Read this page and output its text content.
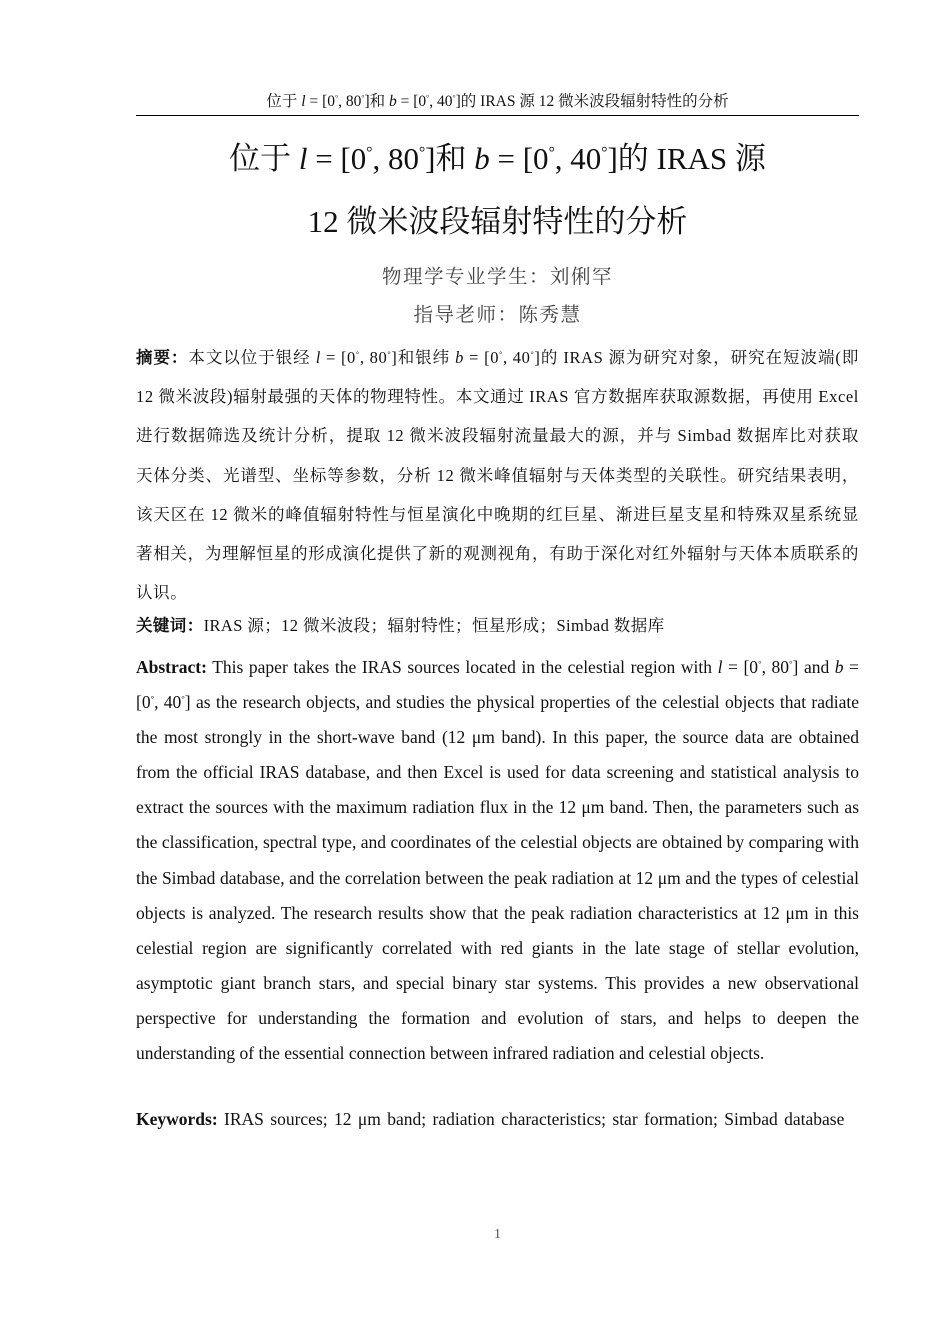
位于 l = [0°, 80°]和 b = [0°, 40°]的 IRAS 源 12 微米波段辐射特性的分析
位于 l = [0°, 80°]和 b = [0°, 40°]的 IRAS 源
12 微米波段辐射特性的分析
物理学专业学生：刘俐罕
指导老师：陈秀慧

摘要：本文以位于银经 l = [0°, 80°]和银纬 b = [0°, 40°]的 IRAS 源为研究对象，研究在短波端(即 12 微米波段)辐射最强的天体的物理特性。本文通过 IRAS 官方数据库获取源数据，再使用 Excel 进行数据筛选及统计分析，提取 12 微米波段辐射流量最大的源，并与 Simbad 数据库比对获取天体分类、光谱型、坐标等参数，分析 12 微米峰值辐射与天体类型的关联性。研究结果表明，该天区在 12 微米的峰值辐射特性与恒星演化中晚期的红巨星、渐进巨星支星和特殊双星系统显著相关，为理解恒星的形成演化提供了新的观测视角，有助于深化对红外辐射与天体本质联系的认识。

关键词：IRAS 源；12 微米波段；辐射特性；恒星形成；Simbad 数据库

Abstract: This paper takes the IRAS sources located in the celestial region with l = [0°, 80°] and b = [0°, 40°] as the research objects, and studies the physical properties of the celestial objects that radiate the most strongly in the short-wave band (12 μm band). In this paper, the source data are obtained from the official IRAS database, and then Excel is used for data screening and statistical analysis to extract the sources with the maximum radiation flux in the 12 μm band. Then, the parameters such as the classification, spectral type, and coordinates of the celestial objects are obtained by comparing with the Simbad database, and the correlation between the peak radiation at 12 μm and the types of celestial objects is analyzed. The research results show that the peak radiation characteristics at 12 μm in this celestial region are significantly correlated with red giants in the late stage of stellar evolution, asymptotic giant branch stars, and special binary star systems. This provides a new observational perspective for understanding the formation and evolution of stars, and helps to deepen the understanding of the essential connection between infrared radiation and celestial objects.

Keywords: IRAS sources; 12 μm band; radiation characteristics; star formation; Simbad database

1
